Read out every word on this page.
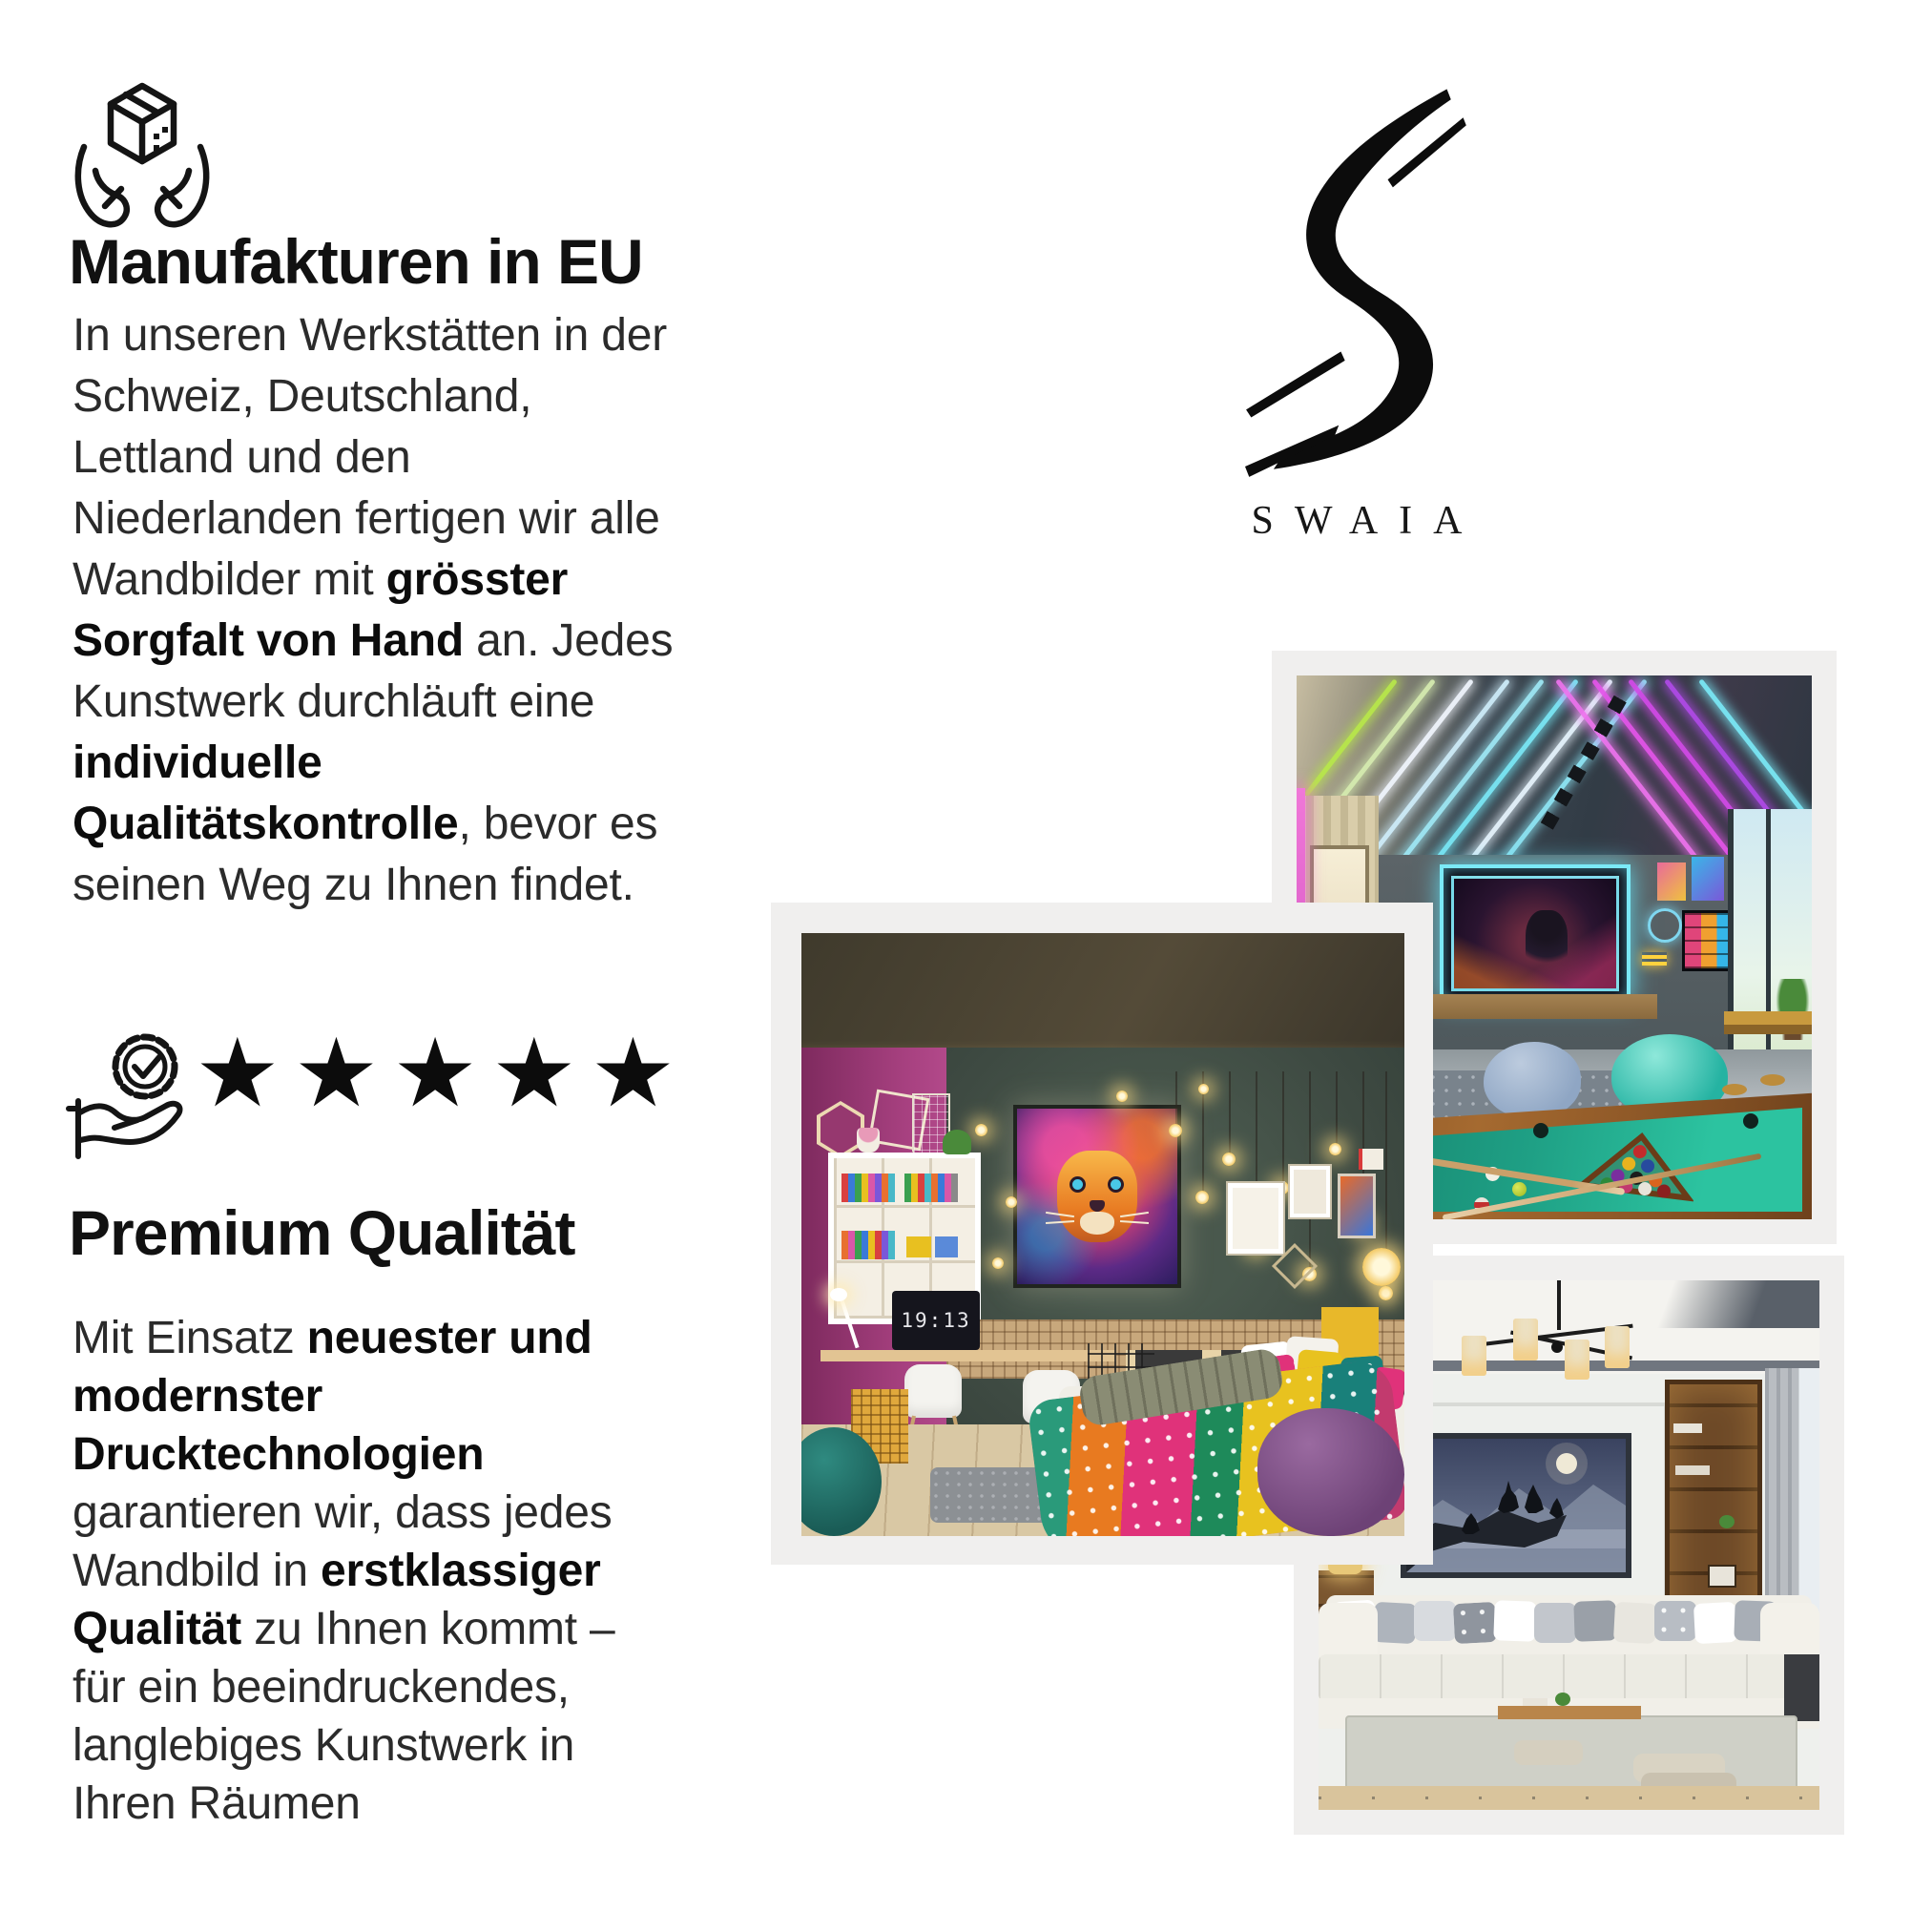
Manufakturen in EU
In unseren Werkstätten in der
Schweiz, Deutschland,
Lettland und den
Niederlanden fertigen wir alle
Wandbilder mit grösster
Sorgfalt von Hand an. Jedes
Kunstwerk durchläuft eine
individuelle
Qualitätskontrolle, bevor es
seinen Weg zu Ihnen findet.
★★★★★
Premium Qualität
Mit Einsatz neuester und
modernster
Drucktechnologien
garantieren wir, dass jedes
Wandbild in erstklassiger
Qualität zu Ihnen kommt –
für ein beeindruckendes,
langlebiges Kunstwerk in
Ihren Räumen
SWAIA
19:13
